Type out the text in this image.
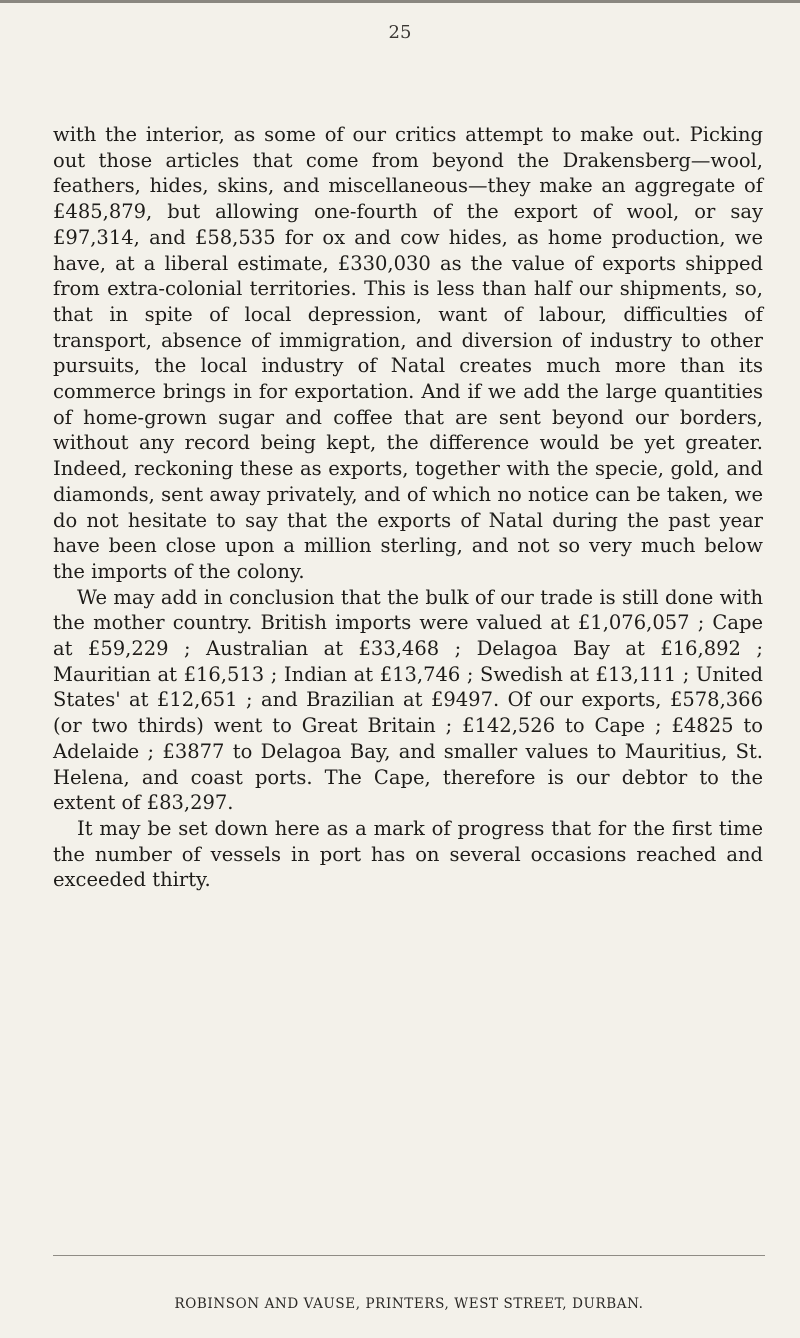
25

with the interior, as some of our critics attempt to make out. Picking out those articles that come from beyond the Drakensberg—wool, feathers, hides, skins, and miscellaneous—they make an aggregate of £485,879, but allowing one-fourth of the export of wool, or say £97,314, and £58,535 for ox and cow hides, as home production, we have, at a liberal estimate, £330,030 as the value of exports shipped from extra-colonial territories. This is less than half our shipments, so, that in spite of local depression, want of labour, difficulties of transport, absence of immigration, and diversion of industry to other pursuits, the local industry of Natal creates much more than its commerce brings in for exportation. And if we add the large quantities of home-grown sugar and coffee that are sent beyond our borders, without any record being kept, the difference would be yet greater. Indeed, reckoning these as exports, together with the specie, gold, and diamonds, sent away privately, and of which no notice can be taken, we do not hesitate to say that the exports of Natal during the past year have been close upon a million sterling, and not so very much below the imports of the colony.

We may add in conclusion that the bulk of our trade is still done with the mother country. British imports were valued at £1,076,057 ; Cape at £59,229 ; Australian at £33,468 ; Delagoa Bay at £16,892 ; Mauritian at £16,513 ; Indian at £13,746 ; Swedish at £13,111 ; United States' at £12,651 ; and Brazilian at £9497. Of our exports, £578,366 (or two thirds) went to Great Britain ; £142,526 to Cape ; £4825 to Adelaide ; £3877 to Delagoa Bay, and smaller values to Mauritius, St. Helena, and coast ports. The Cape, therefore is our debtor to the extent of £83,297.

It may be set down here as a mark of progress that for the first time the number of vessels in port has on several occasions reached and exceeded thirty.

ROBINSON AND VAUSE, PRINTERS, WEST STREET, DURBAN.
